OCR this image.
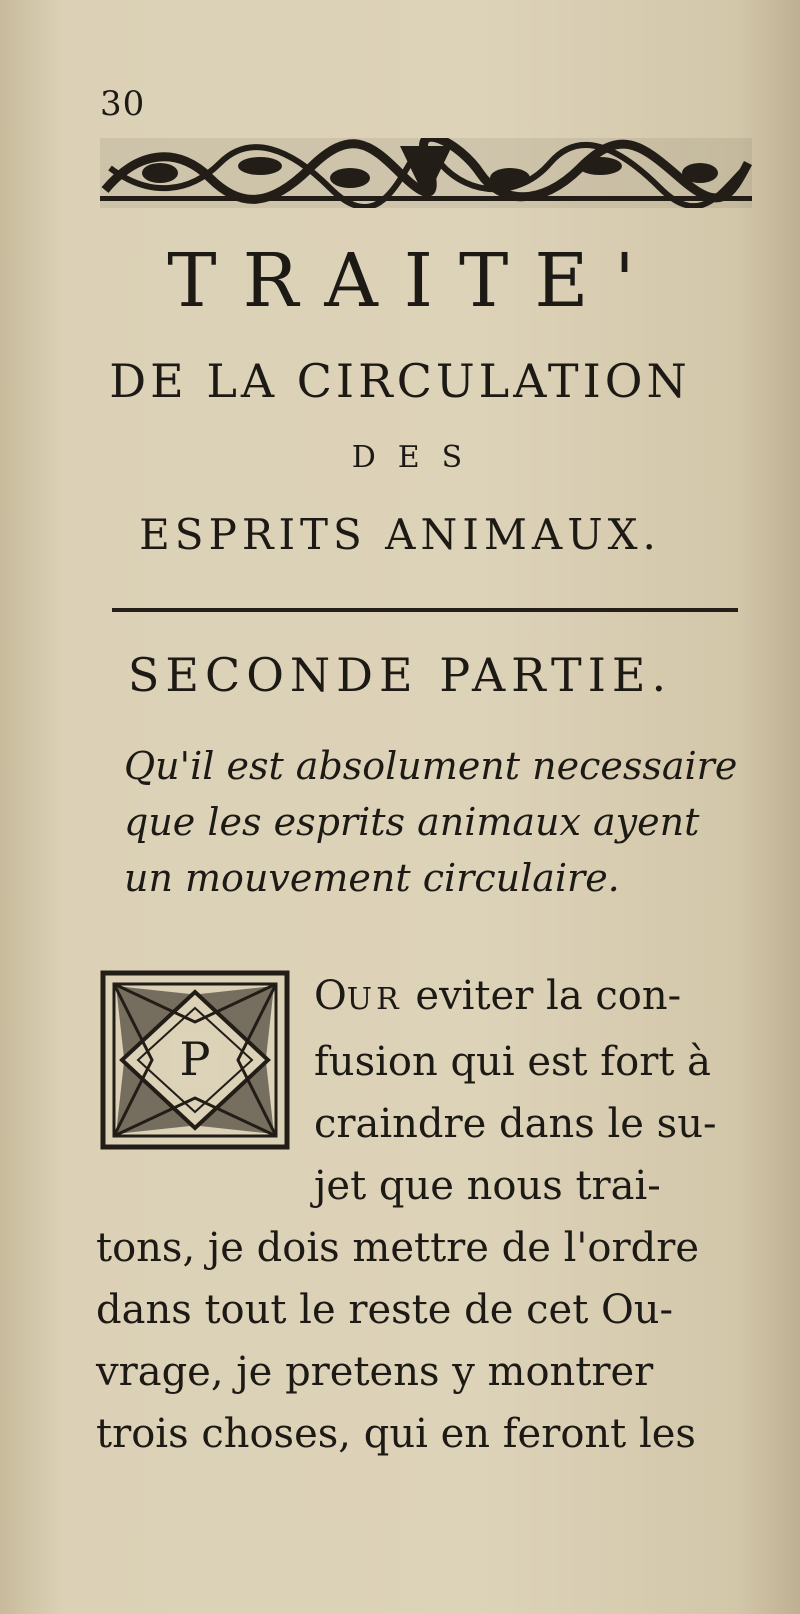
30
TRAITE'
DE LA CIRCULATION
DES
ESPRITS ANIMAUX.
SECONDE PARTIE.
Qu'il est absolument necessaire
que les esprits animaux ayent
un mouvement circulaire.
P
OUR eviter la con-
fusion qui est fort à
craindre dans le su-
jet que nous trai-
tons, je dois mettre de l'ordre
dans tout le reste de cet Ou-
vrage, je pretens y montrer
trois choses, qui en feront les
